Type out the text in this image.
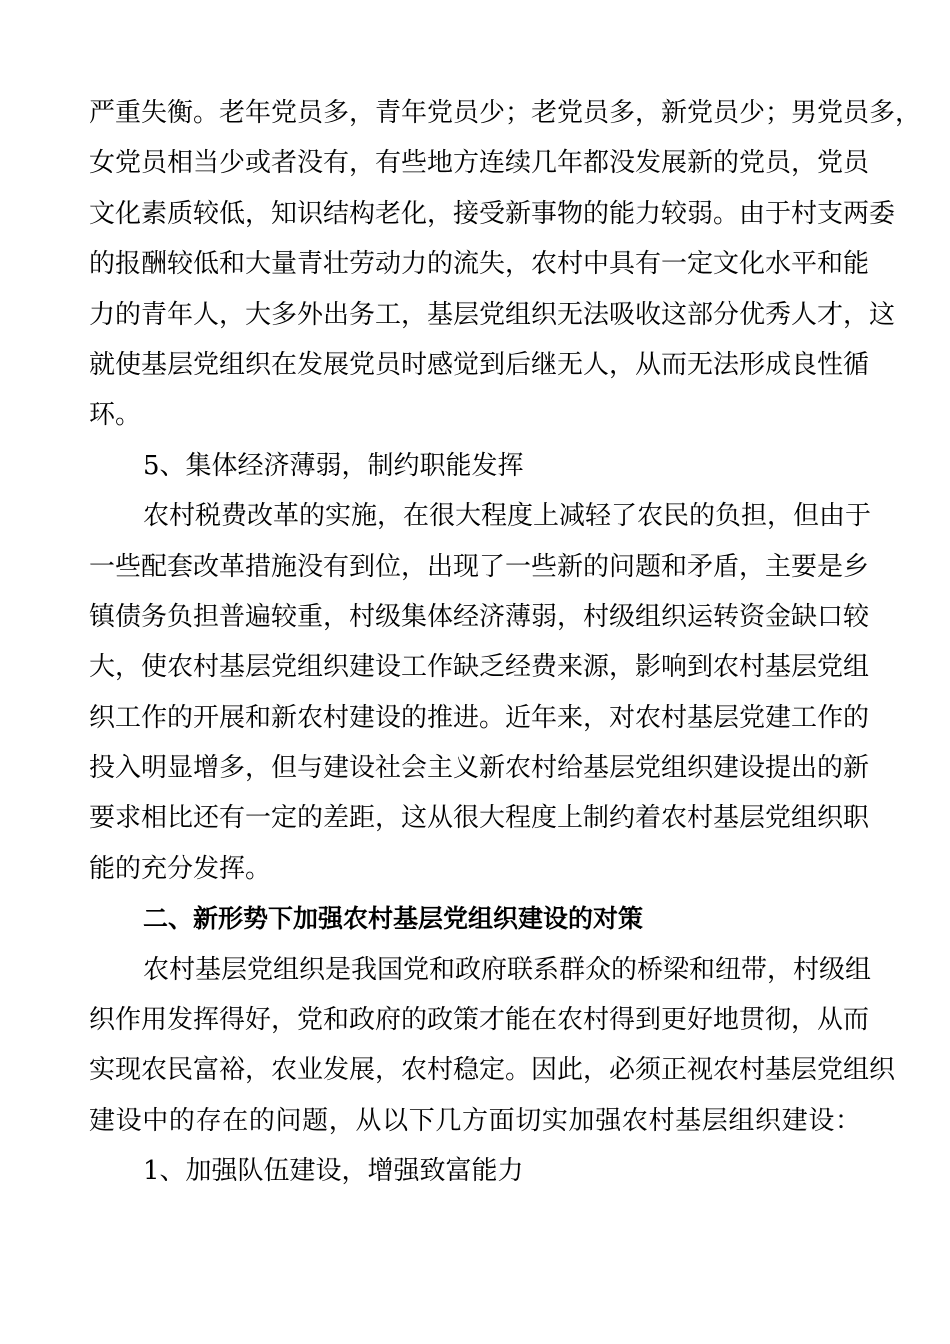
严重失衡。老年党员多，青年党员少；老党员多，新党员少；男党员多，
女党员相当少或者没有，有些地方连续几年都没发展新的党员，党员
文化素质较低，知识结构老化，接受新事物的能力较弱。由于村支两委
的报酬较低和大量青壮劳动力的流失，农村中具有一定文化水平和能
力的青年人，大多外出务工，基层党组织无法吸收这部分优秀人才，这
就使基层党组织在发展党员时感觉到后继无人，从而无法形成良性循
环。
5、集体经济薄弱，制约职能发挥
农村税费改革的实施，在很大程度上减轻了农民的负担，但由于
一些配套改革措施没有到位，出现了一些新的问题和矛盾，主要是乡
镇债务负担普遍较重，村级集体经济薄弱，村级组织运转资金缺口较
大，使农村基层党组织建设工作缺乏经费来源，影响到农村基层党组
织工作的开展和新农村建设的推进。近年来，对农村基层党建工作的
投入明显增多，但与建设社会主义新农村给基层党组织建设提出的新
要求相比还有一定的差距，这从很大程度上制约着农村基层党组织职
能的充分发挥。
二、新形势下加强农村基层党组织建设的对策
农村基层党组织是我国党和政府联系群众的桥梁和纽带，村级组
织作用发挥得好，党和政府的政策才能在农村得到更好地贯彻，从而
实现农民富裕，农业发展，农村稳定。因此，必须正视农村基层党组织
建设中的存在的问题，从以下几方面切实加强农村基层组织建设：
1、加强队伍建设，增强致富能力
